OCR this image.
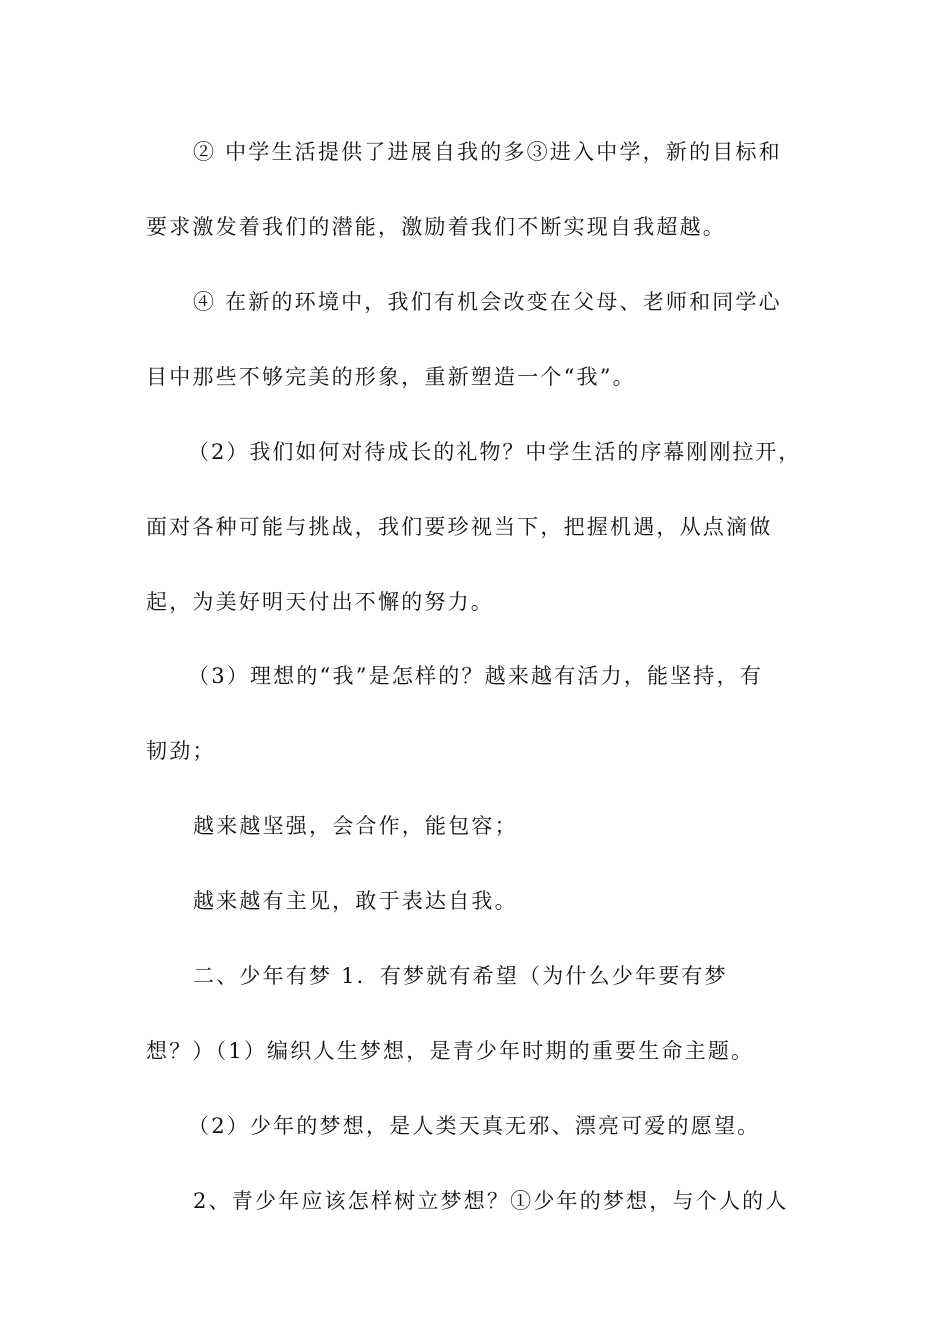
② 中学生活提供了进展自我的多③进入中学，新的目标和
要求激发着我们的潜能，激励着我们不断实现自我超越。
④ 在新的环境中，我们有机会改变在父母、老师和同学心
目中那些不够完美的形象，重新塑造一个“我”。
（2）我们如何对待成长的礼物？中学生活的序幕刚刚拉开，
面对各种可能与挑战，我们要珍视当下，把握机遇，从点滴做
起，为美好明天付出不懈的努力。
（3）理想的“我”是怎样的？越来越有活力，能坚持，有
韧劲；
越来越坚强，会合作，能包容；
越来越有主见，敢于表达自我。
二、少年有梦 1．有梦就有希望（为什么少年要有梦
想？）（1）编织人生梦想，是青少年时期的重要生命主题。
（2）少年的梦想，是人类天真无邪、漂亮可爱的愿望。
2、青少年应该怎样树立梦想？①少年的梦想，与个人的人
